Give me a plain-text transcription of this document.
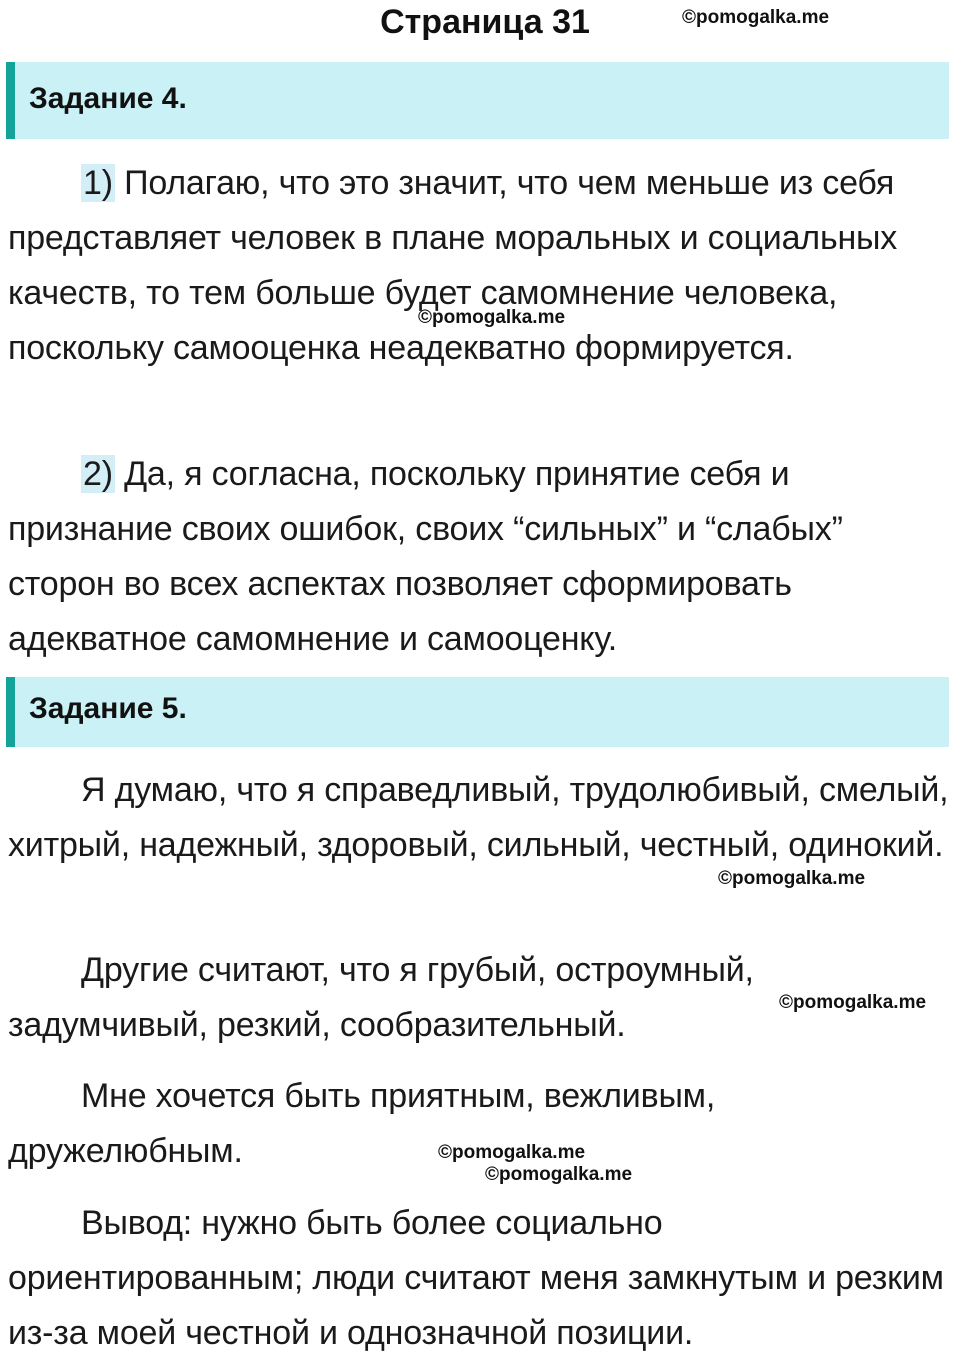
Страница 31	©pomogalka.me
Задание 4.

1) Полагаю, что это значит, что чем меньше из себя представляет человек в плане моральных и социальных качеств, то тем больше будет самомнение человека, поскольку самооценка неадекватно формируется.

©pomogalka.me

2) Да, я согласна, поскольку принятие себя и признание своих ошибок, своих “сильных” и “слабых” сторон во всех аспектах позволяет сформировать адекватное самомнение и самооценку.

Задание 5.

Я думаю, что я справедливый, трудолюбивый, смелый, хитрый, надежный, здоровый, сильный, честный, одинокий.

©pomogalka.me

Другие считают, что я грубый, остроумный, задумчивый, резкий, сообразительный.

©pomogalka.me

Мне хочется быть приятным, вежливым, дружелюбным.	©pomogalka.me
©pomogalka.me

Вывод: нужно быть более социально ориентированным; люди считают меня замкнутым и резким из-за моей честной и однозначной позиции.
